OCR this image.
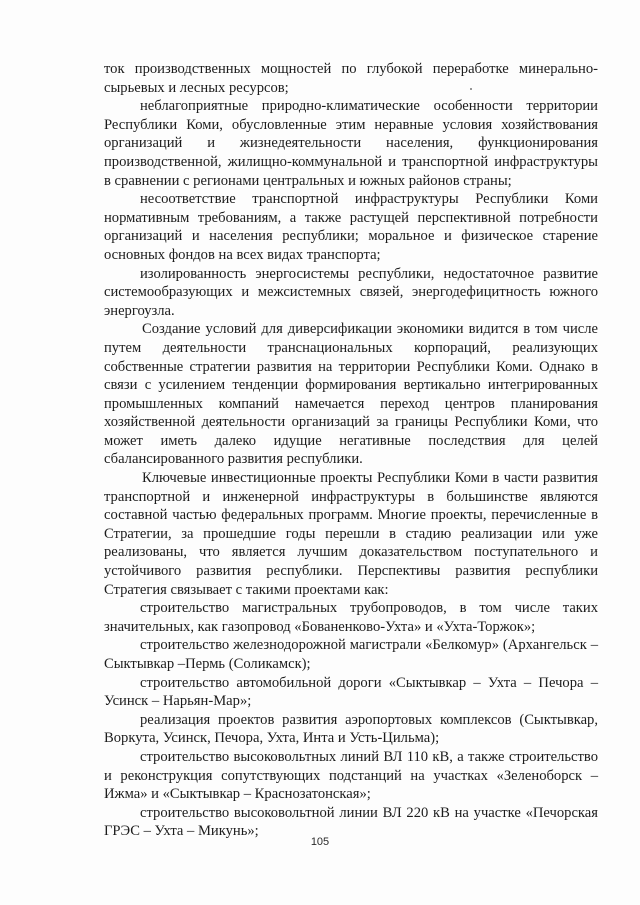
ток производственных мощностей по глубокой переработке минерально-сырьевых и лесных ресурсов;

неблагоприятные природно-климатические особенности территории Республики Коми, обусловленные этим неравные условия хозяйствования организаций и жизнедеятельности населения, функционирования производственной, жилищно-коммунальной и транспортной инфраструктуры в сравнении с регионами центральных и южных районов страны;

несоответствие транспортной инфраструктуры Республики Коми нормативным требованиям, а также растущей перспективной потребности организаций и населения республики; моральное и физическое старение основных фондов на всех видах транспорта;

изолированность энергосистемы республики, недостаточное развитие системообразующих и межсистемных связей, энергодефицитность южного энергоузла.

Создание условий для диверсификации экономики видится в том числе путем деятельности транснациональных корпораций, реализующих собственные стратегии развития на территории Республики Коми. Однако в связи с усилением тенденции формирования вертикально интегрированных промышленных компаний намечается переход центров планирования хозяйственной деятельности организаций за границы Республики Коми, что может иметь далеко идущие негативные последствия для целей сбалансированного развития республики.

Ключевые инвестиционные проекты Республики Коми в части развития транспортной и инженерной инфраструктуры в большинстве являются составной частью федеральных программ. Многие проекты, перечисленные в Стратегии, за прошедшие годы перешли в стадию реализации или уже реализованы, что является лучшим доказательством поступательного и устойчивого развития республики. Перспективы развития республики Стратегия связывает с такими проектами как:

строительство магистральных трубопроводов, в том числе таких значительных, как газопровод «Бованенково-Ухта» и «Ухта-Торжок»;

строительство железнодорожной магистрали «Белкомур» (Архангельск – Сыктывкар –Пермь (Соликамск);

строительство автомобильной дороги «Сыктывкар – Ухта – Печора – Усинск – Нарьян-Мар»;

реализация проектов развития аэропортовых комплексов (Сыктывкар, Воркута, Усинск, Печора, Ухта, Инта и Усть-Цильма);

строительство высоковольтных линий ВЛ 110 кВ, а также строительство и реконструкция сопутствующих подстанций на участках «Зеленоборск – Ижма» и «Сыктывкар – Краснозатонская»;

строительство высоковольтной линии ВЛ 220 кВ на участке «Печорская ГРЭС – Ухта – Микунь»;

105
